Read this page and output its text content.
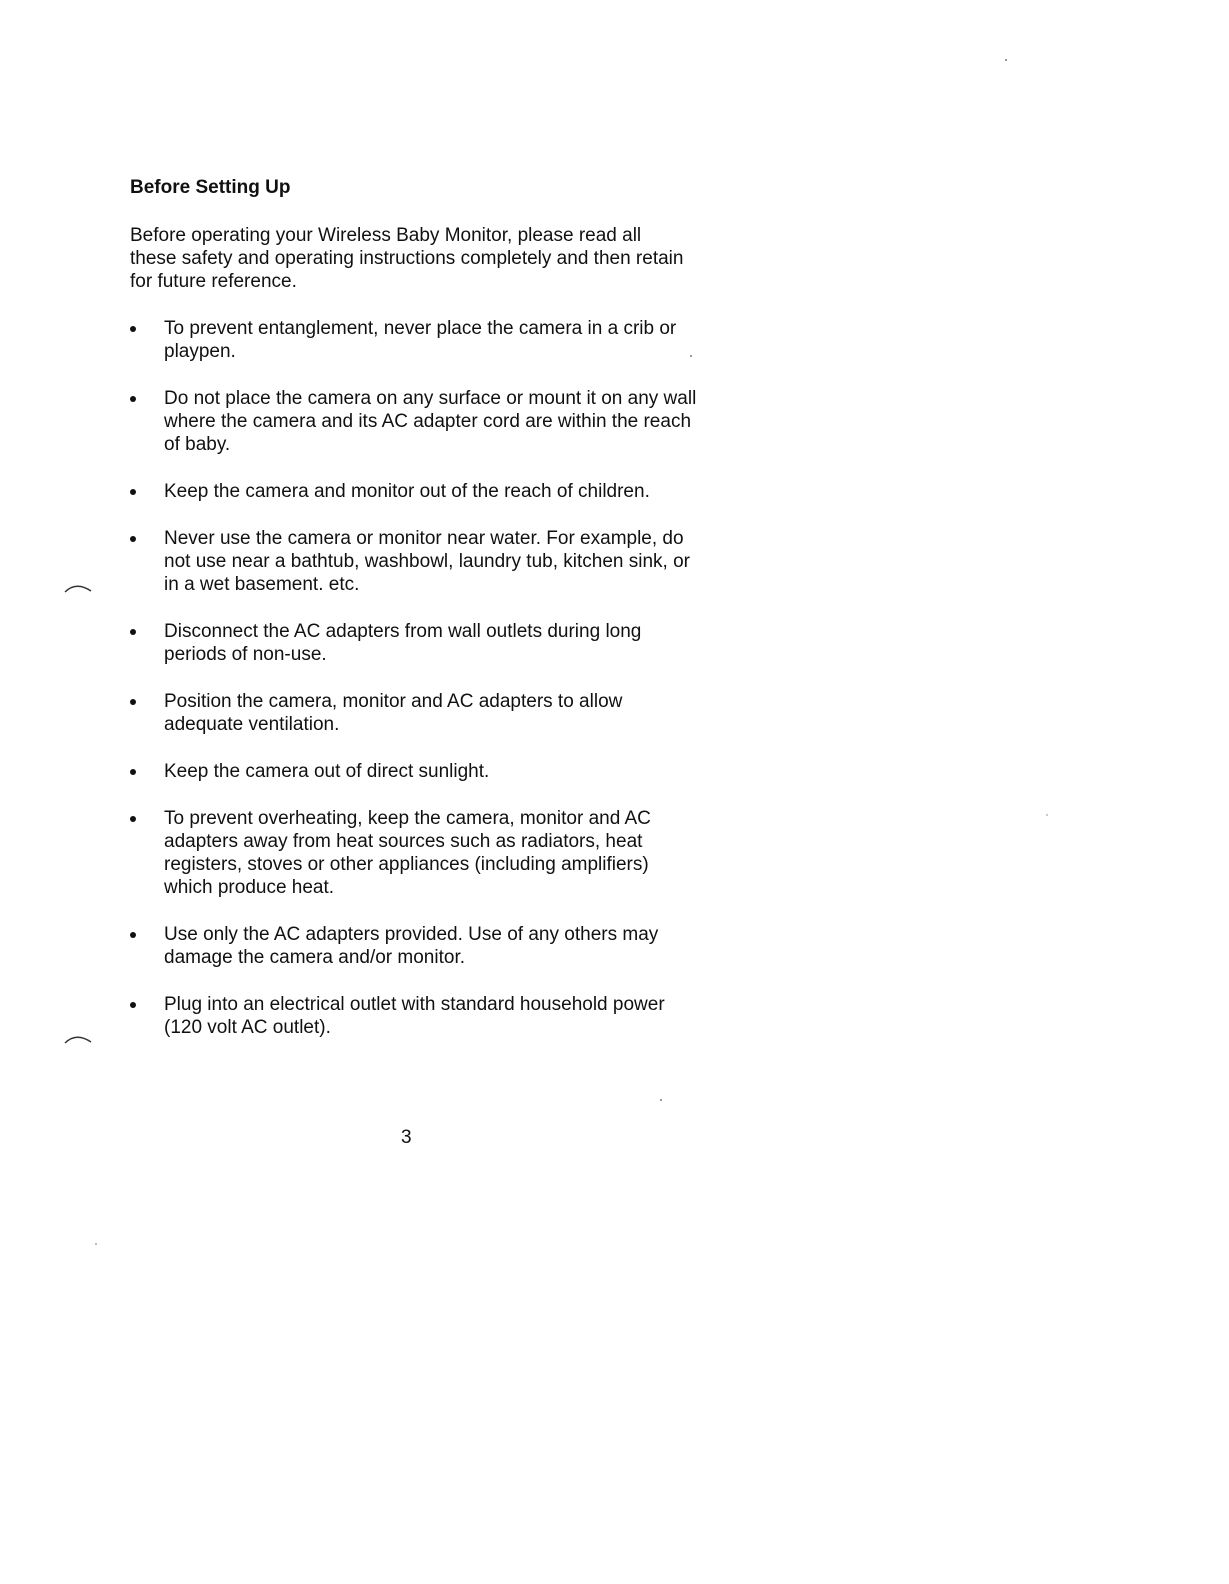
Before Setting Up

Before operating your Wireless Baby Monitor, please read all these safety and operating instructions completely and then retain for future reference.

To prevent entanglement, never place the camera in a crib or playpen.
Do not place the camera on any surface or mount it on any wall where the camera and its AC adapter cord are within the reach of baby.
Keep the camera and monitor out of the reach of children.
Never use the camera or monitor near water. For example, do not use near a bathtub, washbowl, laundry tub, kitchen sink, or in a wet basement. etc.
Disconnect the AC adapters from wall outlets during long periods of non-use.
Position the camera, monitor and AC adapters to allow adequate ventilation.
Keep the camera out of direct sunlight.
To prevent overheating, keep the camera, monitor and AC adapters away from heat sources such as radiators, heat registers, stoves or other appliances (including amplifiers) which produce heat.
Use only the AC adapters provided. Use of any others may damage the camera and/or monitor.
Plug into an electrical outlet with standard household power (120 volt AC outlet).
3
